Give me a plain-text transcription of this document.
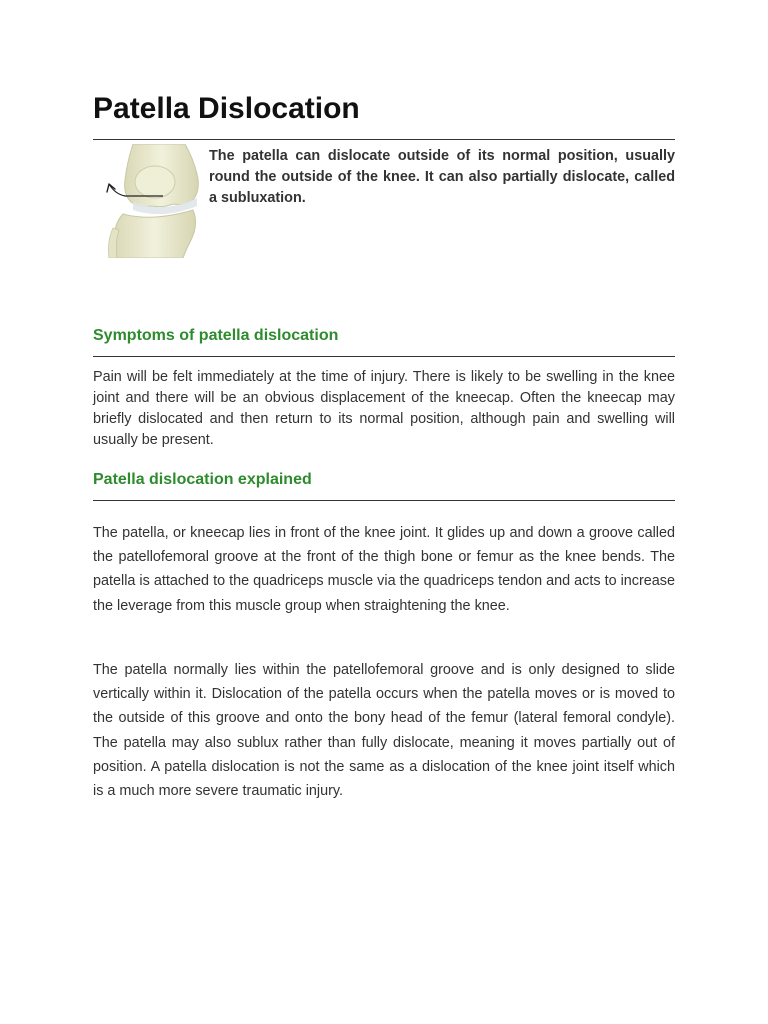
Patella Dislocation

The patella can dislocate outside of its normal position, usually round the outside of the knee. It can also partially dislocate, called a subluxation.

Symptoms of patella dislocation

Pain will be felt immediately at the time of injury. There is likely to be swelling in the knee joint and there will be an obvious displacement of the kneecap. Often the kneecap may briefly dislocated and then return to its normal position, although pain and swelling will usually be present.

Patella dislocation explained

The patella, or kneecap lies in front of the knee joint. It glides up and down a groove called the patellofemoral groove at the front of the thigh bone or femur as the knee bends. The patella is attached to the quadriceps muscle via the quadriceps tendon and acts to increase the leverage from this muscle group when straightening the knee.

The patella normally lies within the patellofemoral groove and is only designed to slide vertically within it. Dislocation of the patella occurs when the patella moves or is moved to the outside of this groove and onto the bony head of the femur (lateral femoral condyle). The patella may also sublux rather than fully dislocate, meaning it moves partially out of position. A patella dislocation is not the same as a dislocation of the knee joint itself which is a much more severe traumatic injury.
